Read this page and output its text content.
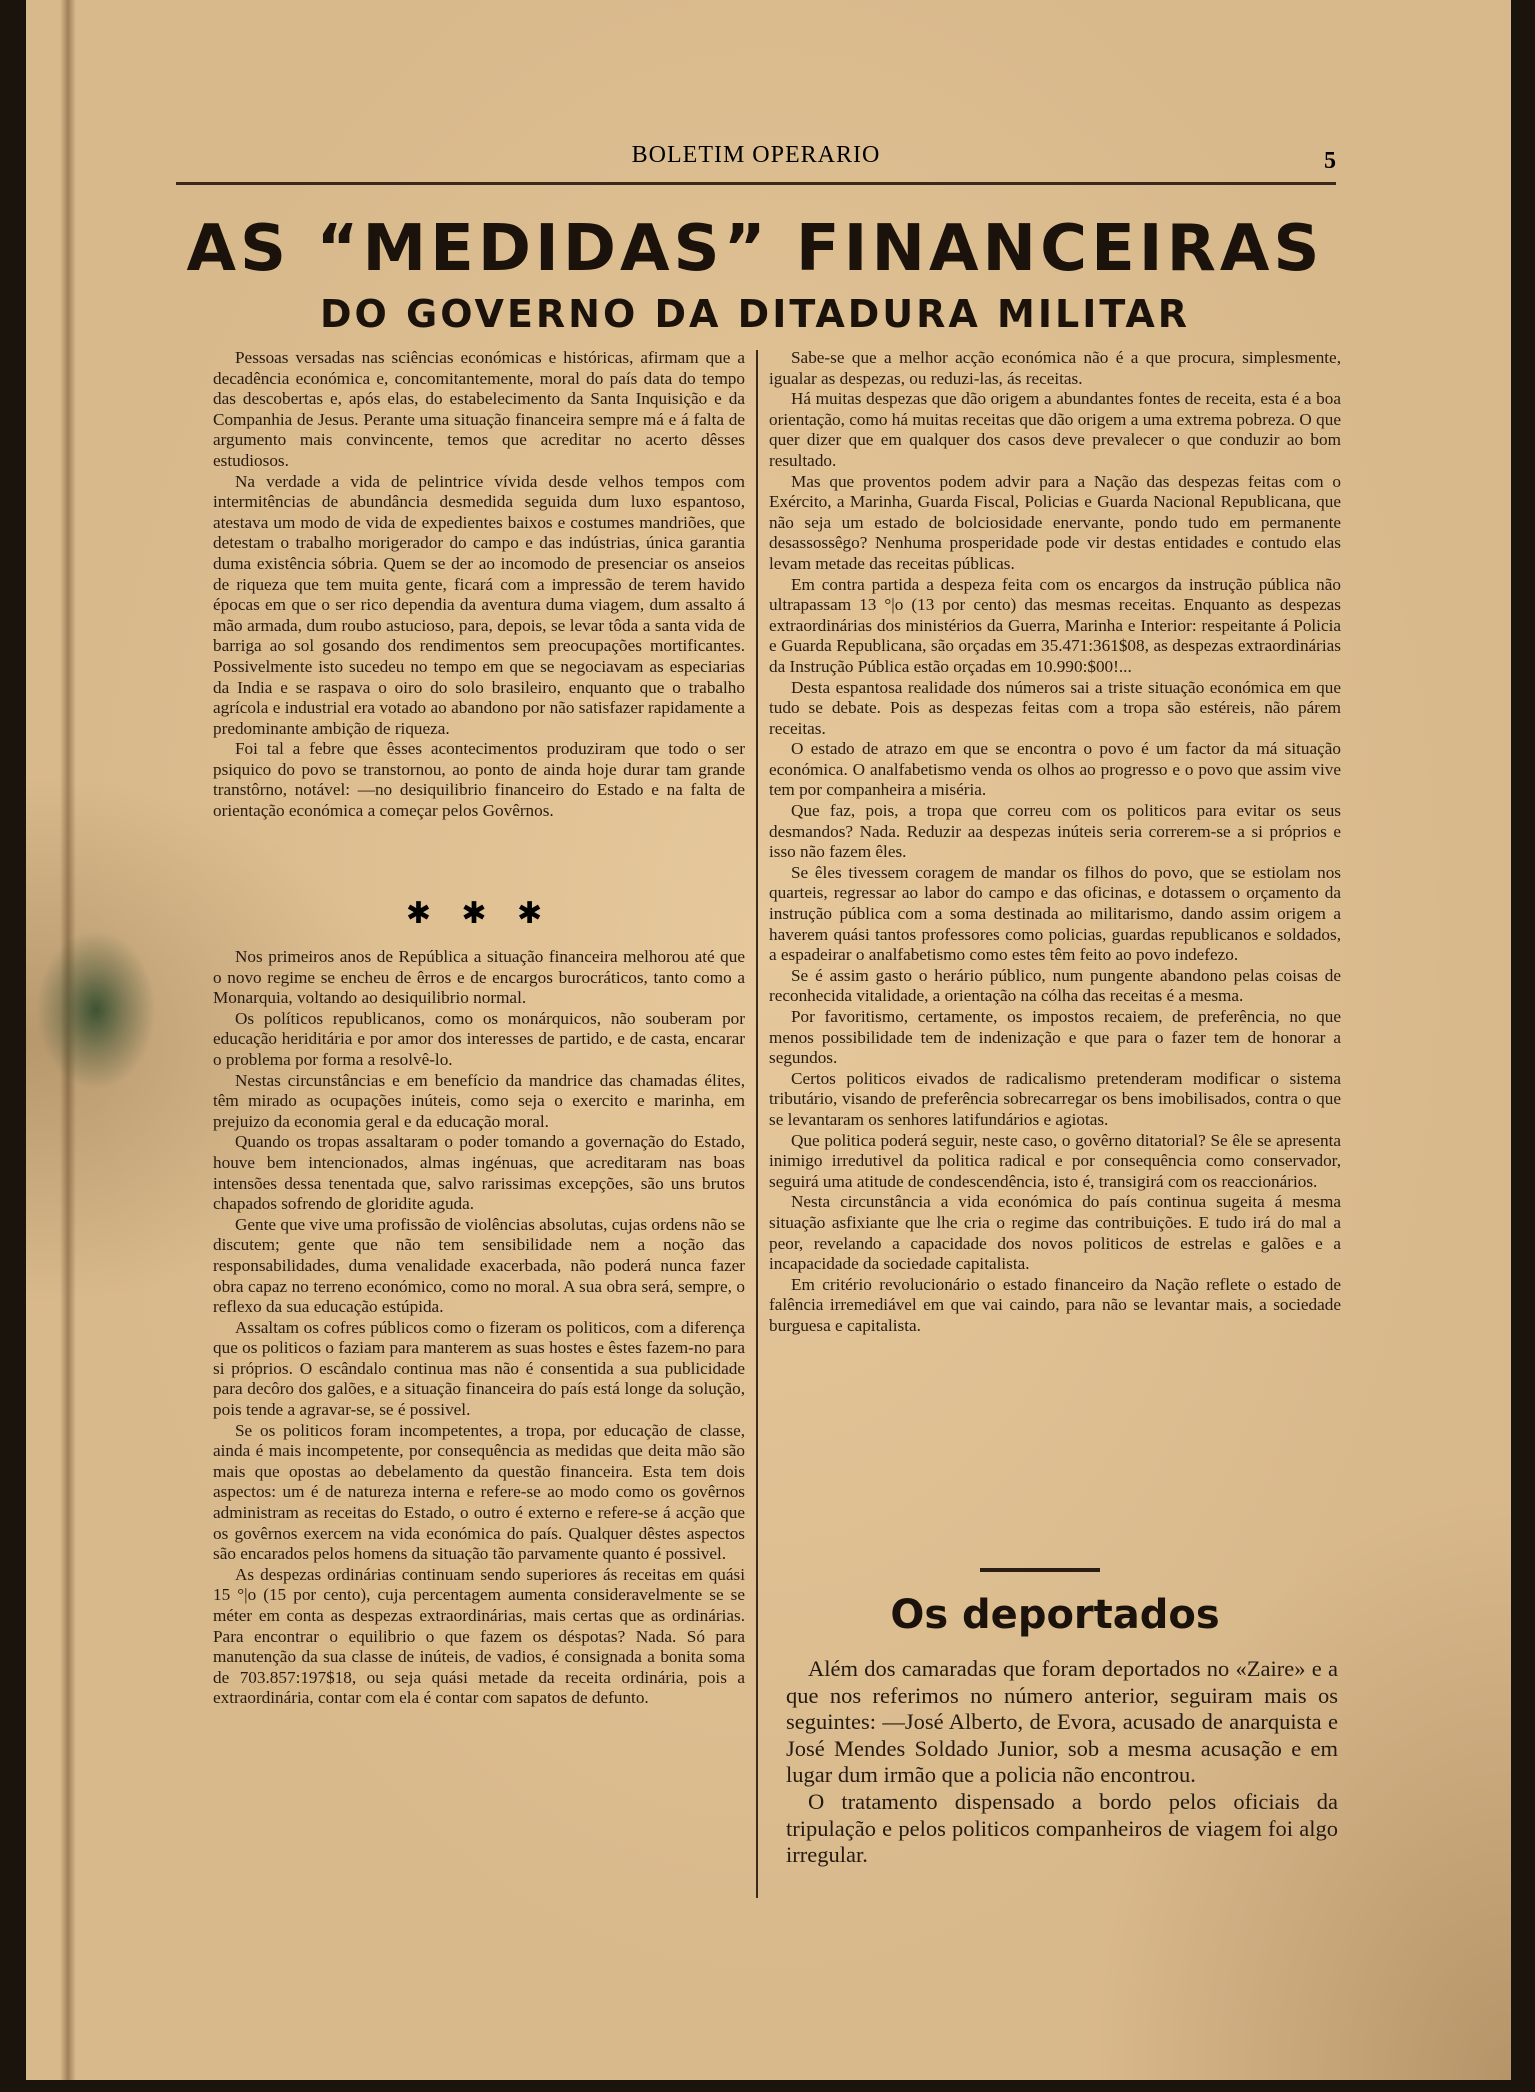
BOLETIM OPERARIO	5
AS “MEDIDAS” FINANCEIRAS
DO GOVERNO DA DITADURA MILITAR

Pessoas versadas nas sciências económicas e históricas, afirmam que a decadência económica e, concomitantemente, moral do país data do tempo das descobertas e, após elas, do estabelecimento da Santa Inquisição e da Companhia de Jesus. Perante uma situação financeira sempre má e á falta de argumento mais convincente, temos que acreditar no acerto dêsses estudiosos.

Na verdade a vida de pelintrice vívida desde velhos tempos com intermitências de abundância desmedida seguida dum luxo espantoso, atestava um modo de vida de expedientes baixos e costumes mandriões, que detestam o trabalho morigerador do campo e das indústrias, única garantia duma existência sóbria. Quem se der ao incomodo de presenciar os anseios de riqueza que tem muita gente, ficará com a impressão de terem havido épocas em que o ser rico dependia da aventura duma viagem, dum assalto á mão armada, dum roubo astucioso, para, depois, se levar tôda a santa vida de barriga ao sol gosando dos rendimentos sem preocupações mortificantes. Possivelmente isto sucedeu no tempo em que se negociavam as especiarias da India e se raspava o oiro do solo brasileiro, enquanto que o trabalho agrícola e industrial era votado ao abandono por não satisfazer rapidamente a predominante ambição de riqueza.

Foi tal a febre que êsses acontecimentos produziram que todo o ser psiquico do povo se transtornou, ao ponto de ainda hoje durar tam grande transtôrno, notável: —no desiquilibrio financeiro do Estado e na falta de orientação económica a começar pelos Govêrnos.

✱ ✱ ✱

Nos primeiros anos de República a situação financeira melhorou até que o novo regime se encheu de êrros e de encargos burocráticos, tanto como a Monarquia, voltando ao desiquilibrio normal.

Os políticos republicanos, como os monárquicos, não souberam por educação heriditária e por amor dos interesses de partido, e de casta, encarar o problema por forma a resolvê-lo.

Nestas circunstâncias e em benefício da mandrice das chamadas élites, têm mirado as ocupações inúteis, como seja o exercito e marinha, em prejuizo da economia geral e da educação moral.

Quando os tropas assaltaram o poder tomando a governação do Estado, houve bem intencionados, almas ingénuas, que acreditaram nas boas intensões dessa tenentada que, salvo rarissimas excepções, são uns brutos chapados sofrendo de gloridite aguda.

Gente que vive uma profissão de violências absolutas, cujas ordens não se discutem; gente que não tem sensibilidade nem a noção das responsabilidades, duma venalidade exacerbada, não poderá nunca fazer obra capaz no terreno económico, como no moral. A sua obra será, sempre, o reflexo da sua educação estúpida.

Assaltam os cofres públicos como o fizeram os politicos, com a diferença que os politicos o faziam para manterem as suas hostes e êstes fazem-no para si próprios. O escândalo continua mas não é consentida a sua publicidade para decôro dos galões, e a situação financeira do país está longe da solução, pois tende a agravar-se, se é possivel.

Se os politicos foram incompetentes, a tropa, por educação de classe, ainda é mais incompetente, por consequência as medidas que deita mão são mais que opostas ao debelamento da questão financeira. Esta tem dois aspectos: um é de natureza interna e refere-se ao modo como os govêrnos administram as receitas do Estado, o outro é externo e refere-se á acção que os govêrnos exercem na vida económica do país. Qualquer dêstes aspectos são encarados pelos homens da situação tão parvamente quanto é possivel.

As despezas ordinárias continuam sendo superiores ás receitas em quási 15 °|o (15 por cento), cuja percentagem aumenta consideravelmente se se méter em conta as despezas extraordinárias, mais certas que as ordinárias. Para encontrar o equilibrio o que fazem os déspotas? Nada. Só para manutenção da sua classe de inúteis, de vadios, é consignada a bonita soma de 703.857:197$18, ou seja quási metade da receita ordinária, pois a extraordinária, contar com ela é contar com sapatos de defunto.

Sabe-se que a melhor acção económica não é a que procura, simplesmente, igualar as despezas, ou reduzi-las, ás receitas.

Há muitas despezas que dão origem a abundantes fontes de receita, esta é a boa orientação, como há muitas receitas que dão origem a uma extrema pobreza. O que quer dizer que em qualquer dos casos deve prevalecer o que conduzir ao bom resultado.

Mas que proventos podem advir para a Nação das despezas feitas com o Exército, a Marinha, Guarda Fiscal, Policias e Guarda Nacional Republicana, que não seja um estado de bolciosidade enervante, pondo tudo em permanente desassossêgo? Nenhuma prosperidade pode vir destas entidades e contudo elas levam metade das receitas públicas.

Em contra partida a despeza feita com os encargos da instrução pública não ultrapassam 13 °|o (13 por cento) das mesmas receitas. Enquanto as despezas extraordinárias dos ministérios da Guerra, Marinha e Interior: respeitante á Policia e Guarda Republicana, são orçadas em 35.471:361$08, as despezas extraordinárias da Instrução Pública estão orçadas em 10.990:$00!...

Desta espantosa realidade dos números sai a triste situação económica em que tudo se debate. Pois as despezas feitas com a tropa são estéreis, não párem receitas.

O estado de atrazo em que se encontra o povo é um factor da má situação económica. O analfabetismo venda os olhos ao progresso e o povo que assim vive tem por companheira a miséria.

Que faz, pois, a tropa que correu com os politicos para evitar os seus desmandos? Nada. Reduzir aa despezas inúteis seria correrem-se a si próprios e isso não fazem êles.

Se êles tivessem coragem de mandar os filhos do povo, que se estiolam nos quarteis, regressar ao labor do campo e das oficinas, e dotassem o orçamento da instrução pública com a soma destinada ao militarismo, dando assim origem a haverem quási tantos professores como policias, guardas republicanos e soldados, a espadeirar o analfabetismo como estes têm feito ao povo indefezo.

Se é assim gasto o herário público, num pungente abandono pelas coisas de reconhecida vitalidade, a orientação na cólha das receitas é a mesma.

Por favoritismo, certamente, os impostos recaiem, de preferência, no que menos possibilidade tem de indenização e que para o fazer tem de honorar a segundos.

Certos politicos eivados de radicalismo pretenderam modificar o sistema tributário, visando de preferência sobrecarregar os bens imobilisados, contra o que se levantaram os senhores latifundários e agiotas.

Que politica poderá seguir, neste caso, o govêrno ditatorial? Se êle se apresenta inimigo irredutivel da politica radical e por consequência como conservador, seguirá uma atitude de condescendência, isto é, transigirá com os reaccionários.

Nesta circunstância a vida económica do país continua sugeita á mesma situação asfixiante que lhe cria o regime das contribuições. E tudo irá do mal a peor, revelando a capacidade dos novos politicos de estrelas e galões e a incapacidade da sociedade capitalista.

Em critério revolucionário o estado financeiro da Nação reflete o estado de falência irremediável em que vai caindo, para não se levantar mais, a sociedade burguesa e capitalista.

Os deportados

Além dos camaradas que foram deportados no «Zaire» e a que nos referimos no número anterior, seguiram mais os seguintes: —José Alberto, de Evora, acusado de anarquista e José Mendes Soldado Junior, sob a mesma acusação e em lugar dum irmão que a policia não encontrou.

O tratamento dispensado a bordo pelos oficiais da tripulação e pelos politicos companheiros de viagem foi algo irregular.
